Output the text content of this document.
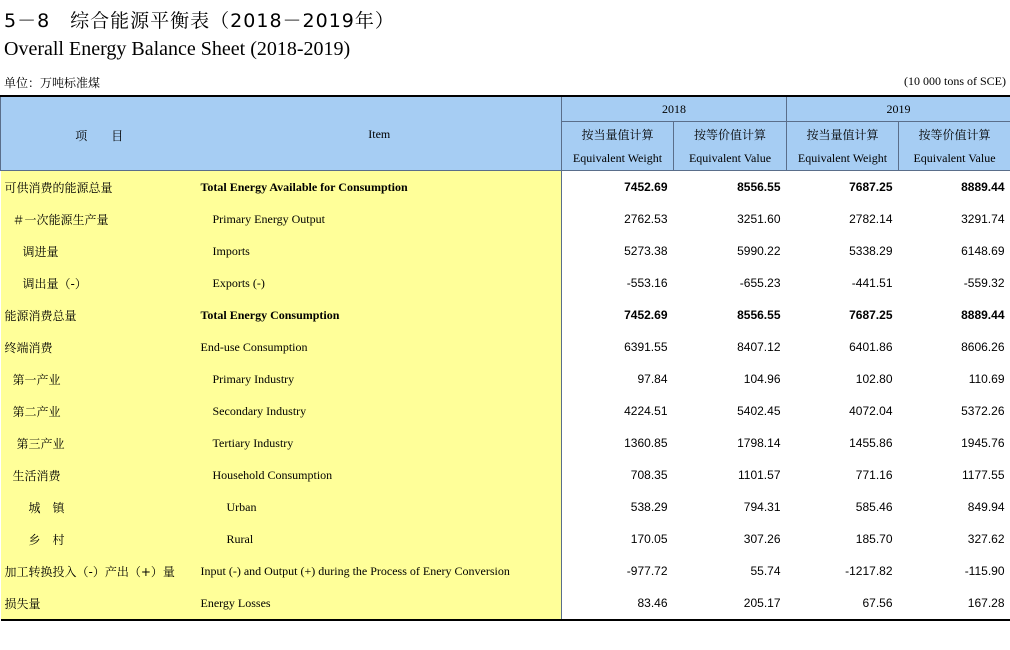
5－8　综合能源平衡表（2018－2019年）
Overall Energy Balance Sheet (2018-2019)
单位：万吨标准煤	(10 000 tons of SCE)
项　　目	Item	2018		2019	
		按当量值计算	按等价值计算	按当量值计算	按等价值计算
		Equivalent Weight	Equivalent Value	Equivalent Weight	Equivalent Value
可供消费的能源总量	Total Energy Available for Consumption	7452.69	8556.55	7687.25	8889.44
＃一次能源生产量	Primary Energy Output	2762.53	3251.60	2782.14	3291.74
调进量	Imports	5273.38	5990.22	5338.29	6148.69
调出量（-）	Exports (-)	-553.16	-655.23	-441.51	-559.32
能源消费总量	Total Energy Consumption	7452.69	8556.55	7687.25	8889.44
终端消费	End-use Consumption	6391.55	8407.12	6401.86	8606.26
第一产业	Primary Industry	97.84	104.96	102.80	110.69
第二产业	Secondary Industry	4224.51	5402.45	4072.04	5372.26
第三产业	Tertiary Industry	1360.85	1798.14	1455.86	1945.76
生活消费	Household Consumption	708.35	1101.57	771.16	1177.55
城　镇	Urban	538.29	794.31	585.46	849.94
乡　村	Rural	170.05	307.26	185.70	327.62
加工转换投入（-）产出（+）量	Input (-) and Output (+) during the Process of Enery Conversion	-977.72	55.74	-1217.82	-115.90
损失量	Energy Losses	83.46	205.17	67.56	167.28
